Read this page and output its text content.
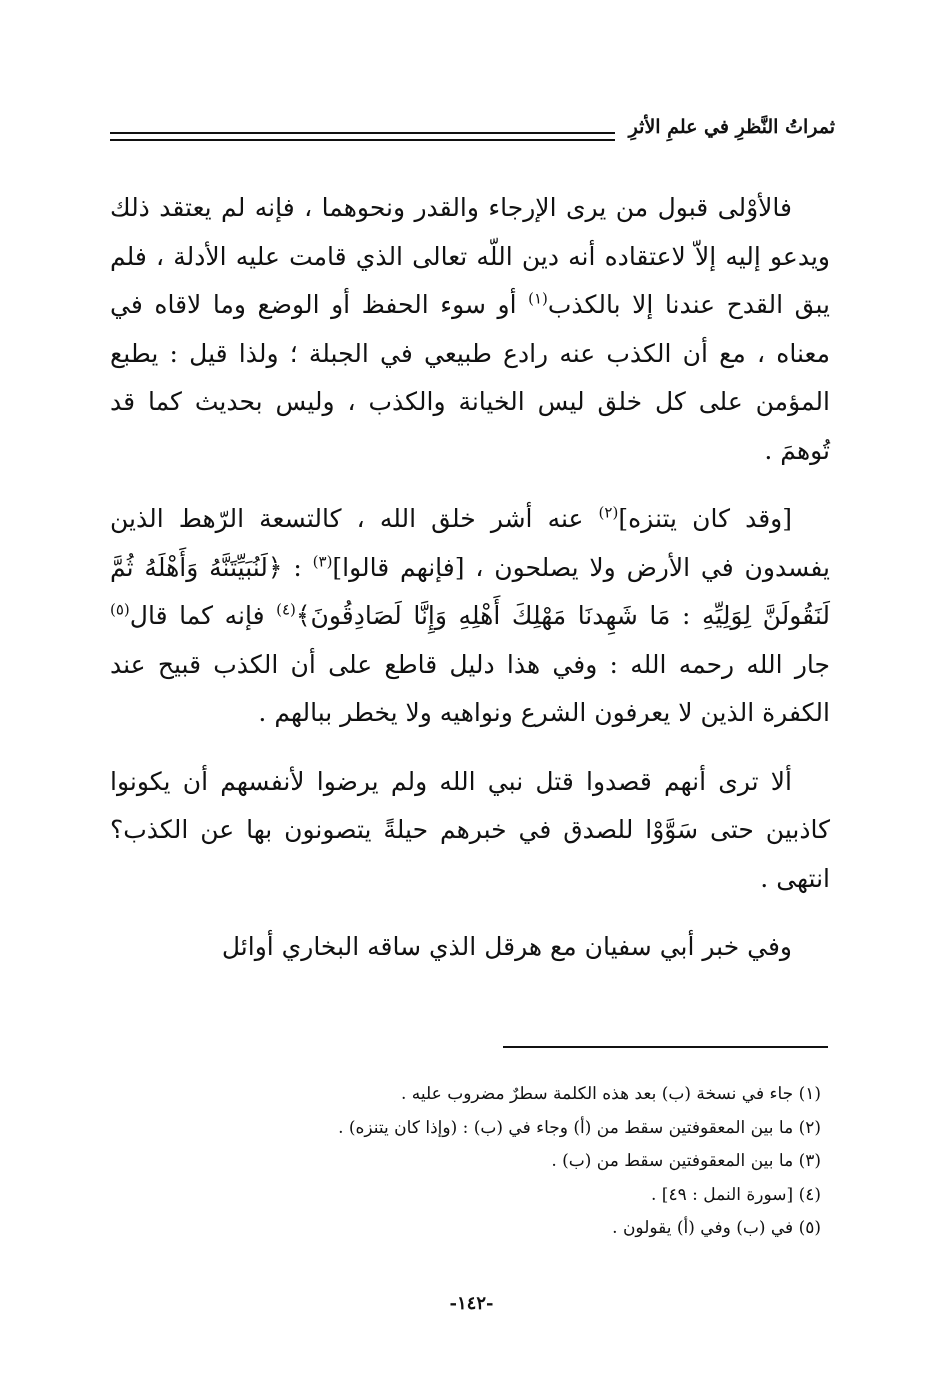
ثمراتُ النَّظرِ في علمِ الأثرِ

فالأوْلى قبول من يرى الإرجاء والقدر ونحوهما ، فإنه لم يعتقد ذلك ويدعو إليه إلاّ لاعتقاده أنه دين اللّه تعالى الذي قامت عليه الأدلة ، فلم يبق القدح عندنا إلا بالكذب$^{(١)}$ أو سوء الحفظ أو الوضع وما لاقاه في معناه ، مع أن الكذب عنه رادع طبيعي في الجبلة ؛ ولذا قيل : يطبع المؤمن على كل خلق ليس الخيانة والكذب ، وليس بحديث كما قد تُوهمَ .

[وقد كان يتنزه]$^{(٢)}$ عنه أشر خلق الله ، كالتسعة الرّهط الذين يفسدون في الأرض ولا يصلحون ، [فإنهم قالوا]$^{(٣)}$ : ﴿لَنُبَيِّتَنَّهُ وَأَهْلَهُ ثُمَّ لَنَقُولَنَّ لِوَلِيِّهِ : مَا شَهِدنَا مَهْلِكَ أَهْلِهِ وَإِنَّا لَصَادِقُونَ﴾$^{(٤)}$ فإنه كما قال$^{(٥)}$ جار الله رحمه الله : وفي هذا دليل قاطع على أن الكذب قبيح عند الكفرة الذين لا يعرفون الشرع ونواهيه ولا يخطر ببالهم .

ألا ترى أنهم قصدوا قتل نبي الله ولم يرضوا لأنفسهم أن يكونوا كاذبين حتى سَوَّوْا للصدق في خبرهم حيلةً يتصونون بها عن الكذب؟ انتهى .

وفي خبر أبي سفيان مع هرقل الذي ساقه البخاري أوائل

(١) جاء في نسخة (ب) بعد هذه الكلمة سطرٌ مضروب عليه .

(٢) ما بين المعقوفتين سقط من (أ) وجاء في (ب) : (وإذا كان يتنزه) .

(٣) ما بين المعقوفتين سقط من (ب) .

(٤) [سورة النمل : ٤٩] .

(٥) في (ب) وفي (أ) يقولون .

-١٤٢-
